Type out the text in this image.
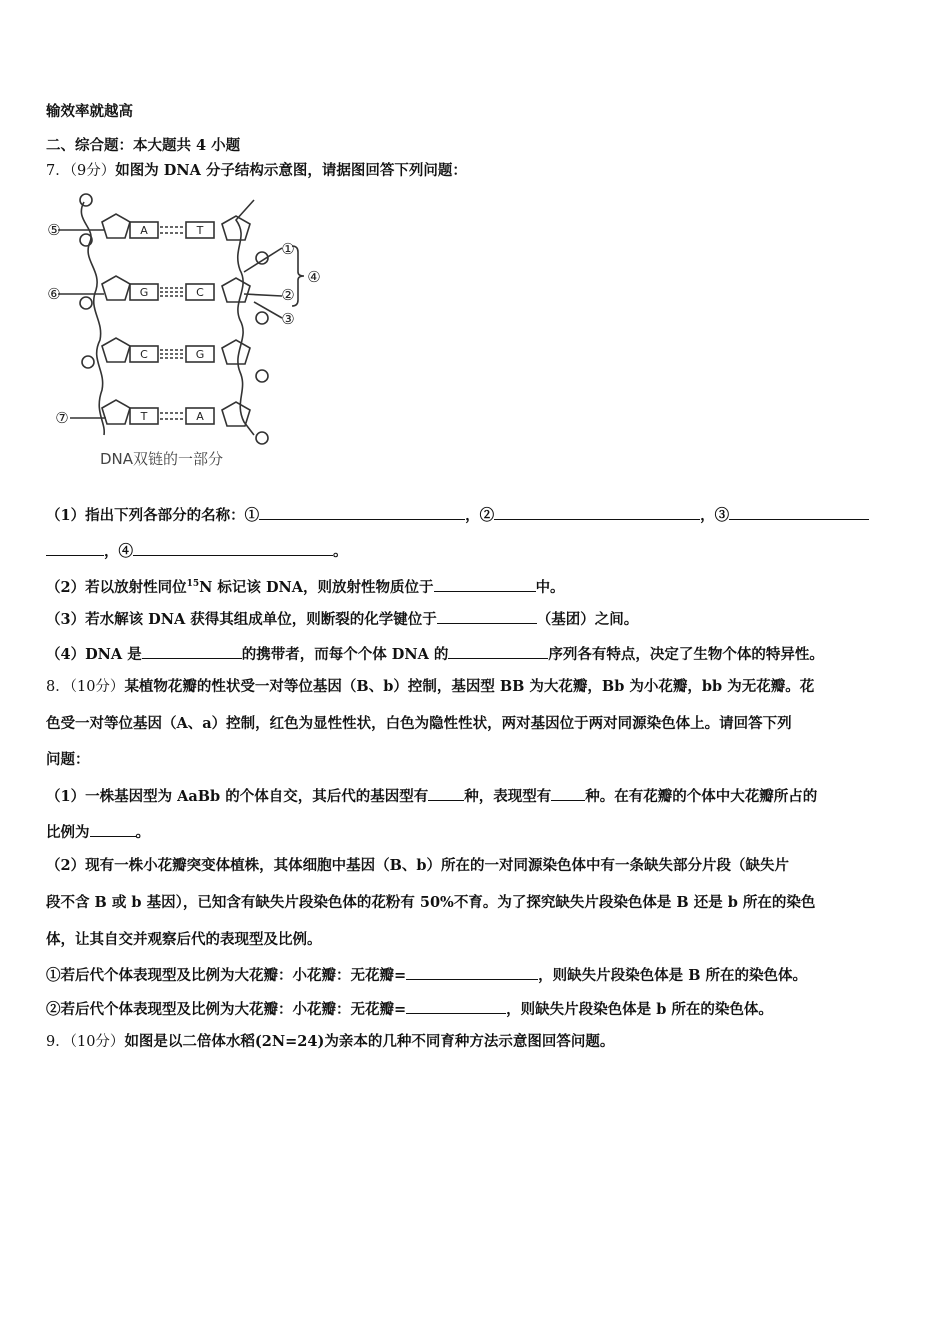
输效率就越高
二、综合题：本大题共 4 小题
7．（9分）如图为 DNA 分子结构示意图，请据图回答下列问题：
A	T
G	C
C	G
T	A
⑤
⑥
⑦
①
②
③
④
DNA双链的一部分
（1）指出下列各部分的名称：①	，②	，③
，④	。
（2）若以放射性同位$^{15}$N 标记该 DNA，则放射性物质位于	中。
（3）若水解该 DNA 获得其组成单位，则断裂的化学键位于	（基团）之间。
（4）DNA 是	的携带者，而每个个体 DNA 的	序列各有特点，决定了生物个体的特异性。
8．（10分）某植物花瓣的性状受一对等位基因（B、b）控制，基因型 BB 为大花瓣，Bb 为小花瓣，bb 为无花瓣。花
色受一对等位基因（A、a）控制，红色为显性性状，白色为隐性性状，两对基因位于两对同源染色体上。请回答下列
问题：
（1）一株基因型为 AaBb 的个体自交，其后代的基因型有 种，表现型有 种。在有花瓣的个体中大花瓣所占的
比例为	。
（2）现有一株小花瓣突变体植株，其体细胞中基因（B、b）所在的一对同源染色体中有一条缺失部分片段（缺失片
段不含 B 或 b 基因），已知含有缺失片段染色体的花粉有 50%不育。为了探究缺失片段染色体是 B 还是 b 所在的染色
体，让其自交并观察后代的表现型及比例。
①若后代个体表现型及比例为大花瓣：小花瓣：无花瓣=	，则缺失片段染色体是 B 所在的染色体。
②若后代个体表现型及比例为大花瓣：小花瓣：无花瓣=	，则缺失片段染色体是 b 所在的染色体。
9．（10分）如图是以二倍体水稻(2N=24)为亲本的几种不同育种方法示意图回答问题。
